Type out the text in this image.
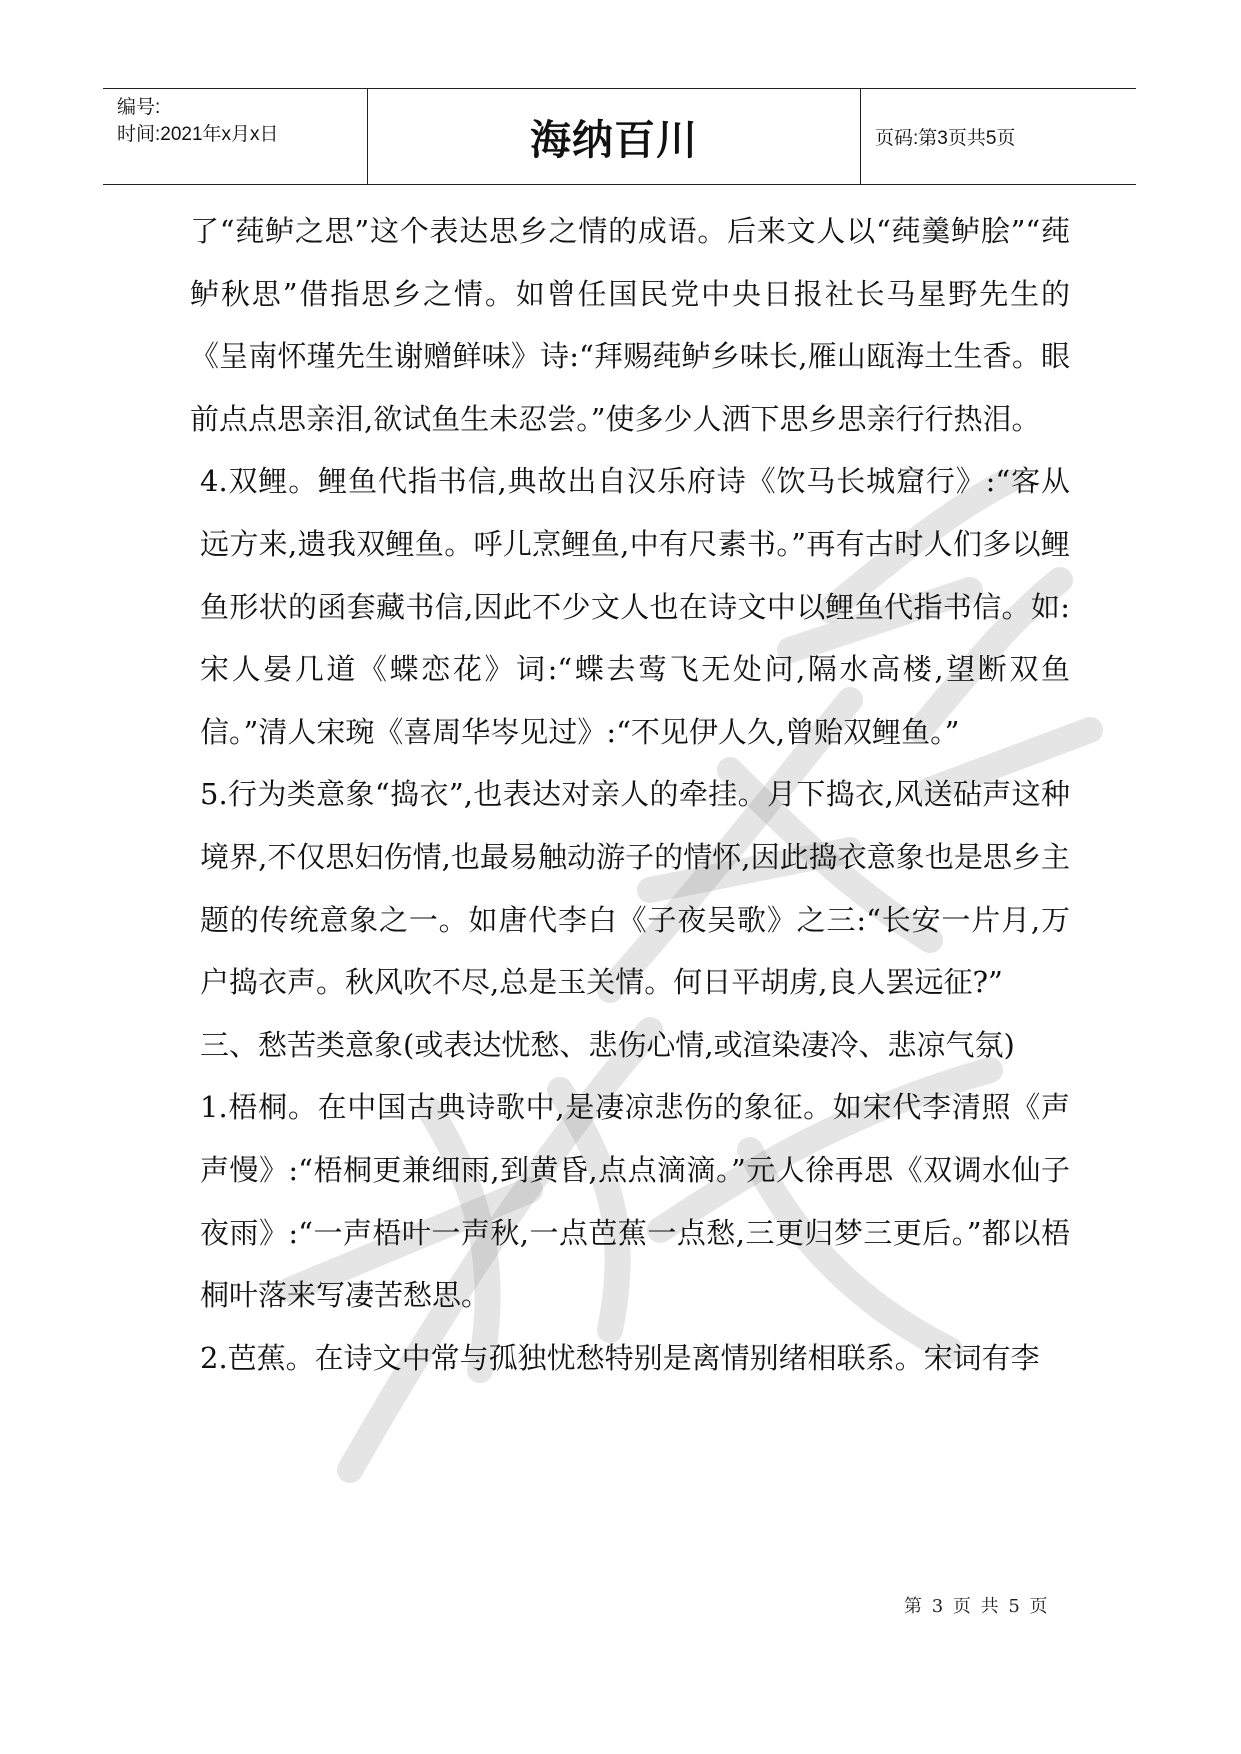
编号:
时间:2021年x月x日	海纳百川	页码:第3页共5页

了“莼鲈之思”这个表达思乡之情的成语。后来文人以“莼羹鲈脍”“莼鲈秋思”借指思乡之情。如曾任国民党中央日报社长马星野先生的《呈南怀瑾先生谢赠鲜味》诗:“拜赐莼鲈乡味长,雁山瓯海土生香。眼前点点思亲泪,欲试鱼生未忍尝。”使多少人洒下思乡思亲行行热泪。

4.双鲤。鲤鱼代指书信,典故出自汉乐府诗《饮马长城窟行》:“客从远方来,遗我双鲤鱼。呼儿烹鲤鱼,中有尺素书。”再有古时人们多以鲤鱼形状的函套藏书信,因此不少文人也在诗文中以鲤鱼代指书信。如:宋人晏几道《蝶恋花》词:“蝶去莺飞无处问,隔水高楼,望断双鱼信。”清人宋琬《喜周华岑见过》:“不见伊人久,曾贻双鲤鱼。”

5.行为类意象“捣衣”,也表达对亲人的牵挂。月下捣衣,风送砧声这种境界,不仅思妇伤情,也最易触动游子的情怀,因此捣衣意象也是思乡主题的传统意象之一。如唐代李白《子夜吴歌》之三:“长安一片月,万户捣衣声。秋风吹不尽,总是玉关情。何日平胡虏,良人罢远征?”

三、愁苦类意象(或表达忧愁、悲伤心情,或渲染凄冷、悲凉气氛)

1.梧桐。在中国古典诗歌中,是凄凉悲伤的象征。如宋代李清照《声声慢》:“梧桐更兼细雨,到黄昏,点点滴滴。”元人徐再思《双调水仙子夜雨》:“一声梧叶一声秋,一点芭蕉一点愁,三更归梦三更后。”都以梧桐叶落来写凄苦愁思。

2.芭蕉。在诗文中常与孤独忧愁特别是离情别绪相联系。宋词有李

第 3 页 共 5 页
